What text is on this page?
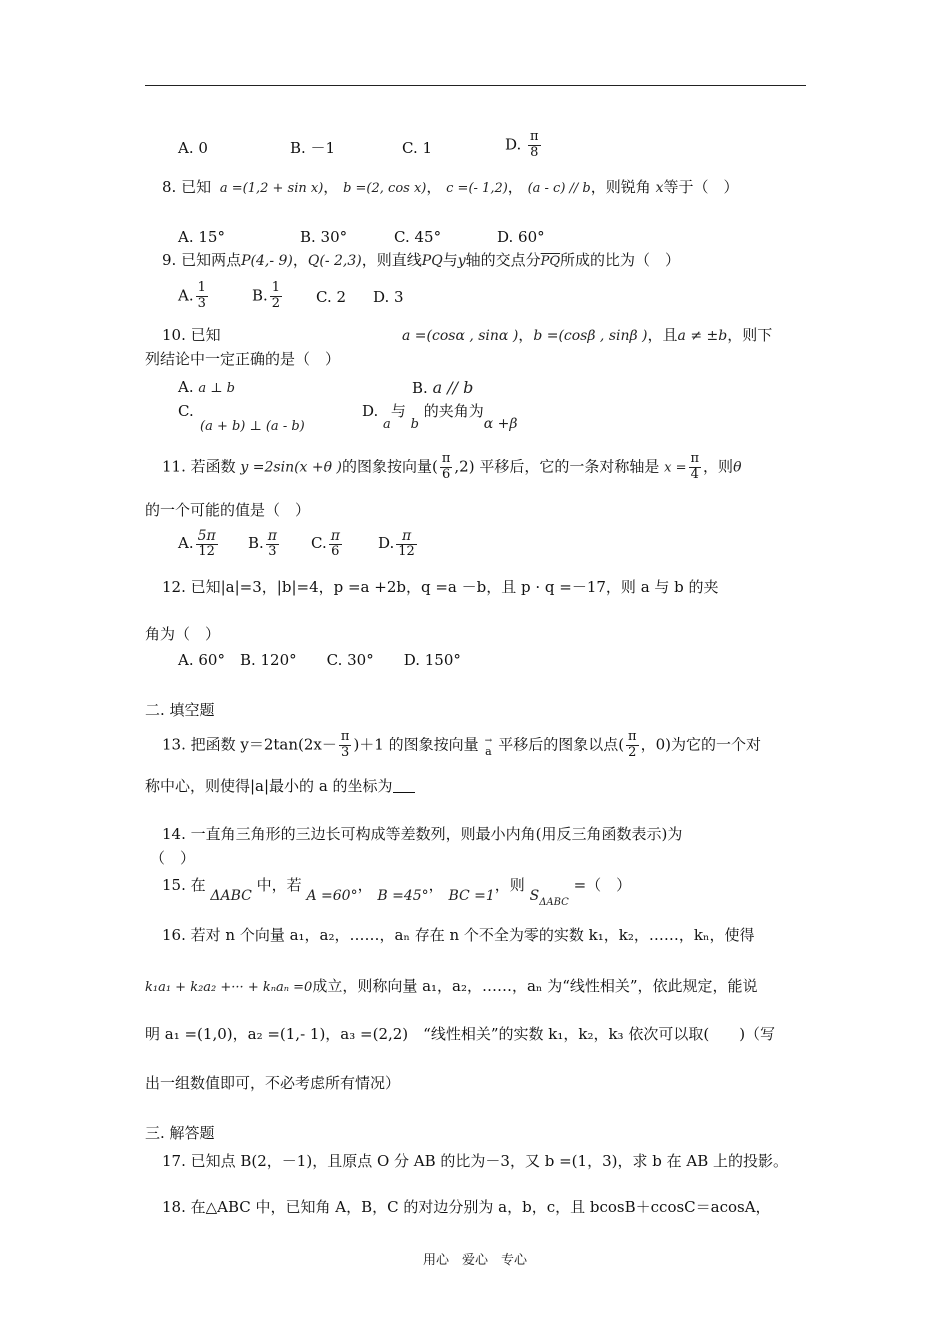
A. 0	B. －1	C. 1	D. $\frac{\pi}{8}$
8. 已知 a =(1,2 + sin x)， b =(2, cos x)， c =(- 1,2)， (a - c) // b，则锐角 x等于（　）
A. 15°	B. 30°	C. 45°	D. 60°
9. 已知两点P(4,- 9)，Q(- 2,3)，则直线PQ与y轴的交点分$\overline{PQ}$所成的比为（　）
A. $\frac{1}{3}$	B. $\frac{1}{2} C$. 2 D. 3
10. 已知	a =(cosα , sinα )，b =(cosβ , sinβ )，且a ≠ ±b，则下
列结论中一定正确的是（　）
A. a ⊥ b	B. a // b
C.
(a + b) ⊥ (a - b)
D. a与 b 的夹角为α +β
11. 若函数 y =2sin(x +θ )的图象按向量( $\frac{\pi}{6} ,2$) 平移后，它的一条对称轴是 $x = \frac{\pi}{4}$ ，则θ
的一个可能的值是（　）
A. $\frac{5\pi}{12} B$. $\frac{\pi}{3} C$. $\frac{\pi}{6} D$. $\frac{\pi}{12}$
12. 已知|a|=3，|b|=4，p =a +2b，q =a －b，且 p · q =－17，则 a 与 b 的夹
角为（　）
A. 60°　B. 120°　　C. 30°　　D. 150°
二. 填空题
13. 把函数 $y=2\tan(2x- \frac{\pi}{3} )+1$ 的图象按向量 →
a 平移后的图象以点( $\frac{\pi}{2}$ ，0)为它的一个对
称中心，则使得|a|最小的 a 的坐标为
14. 一直角三角形的三边长可构成等差数列，则最小内角(用反三角函数表示)为
（　）
15. 在 ΔABC 中，若 A =60°， B =45°， BC =1，则 $S_{\Delta ABC}$ =（　）
16. 若对 n 个向量 a₁，a₂，……，aₙ 存在 n 个不全为零的实数 k₁，k₂，……，kₙ，使得
k₁a₁ + k₂a₂ +··· + kₙaₙ =0成立，则称向量 a₁，a₂，……，aₙ 为“线性相关”，依此规定，能说
明 a₁ =(1,0)，a₂ =(1,- 1)，a₃ =(2,2)　“线性相关”的实数 k₁，k₂，k₃ 依次可以取(　　)（写
出一组数值即可，不必考虑所有情况）
三. 解答题
17. 已知点 B(2，－1)，且原点 O 分 AB 的比为－3，又 b =(1，3)，求 b 在 AB 上的投影。
18. 在△ABC 中，已知角 A，B，C 的对边分别为 a，b，c，且 bcosB＋ccosC＝acosA，
用心　爱心　专心
